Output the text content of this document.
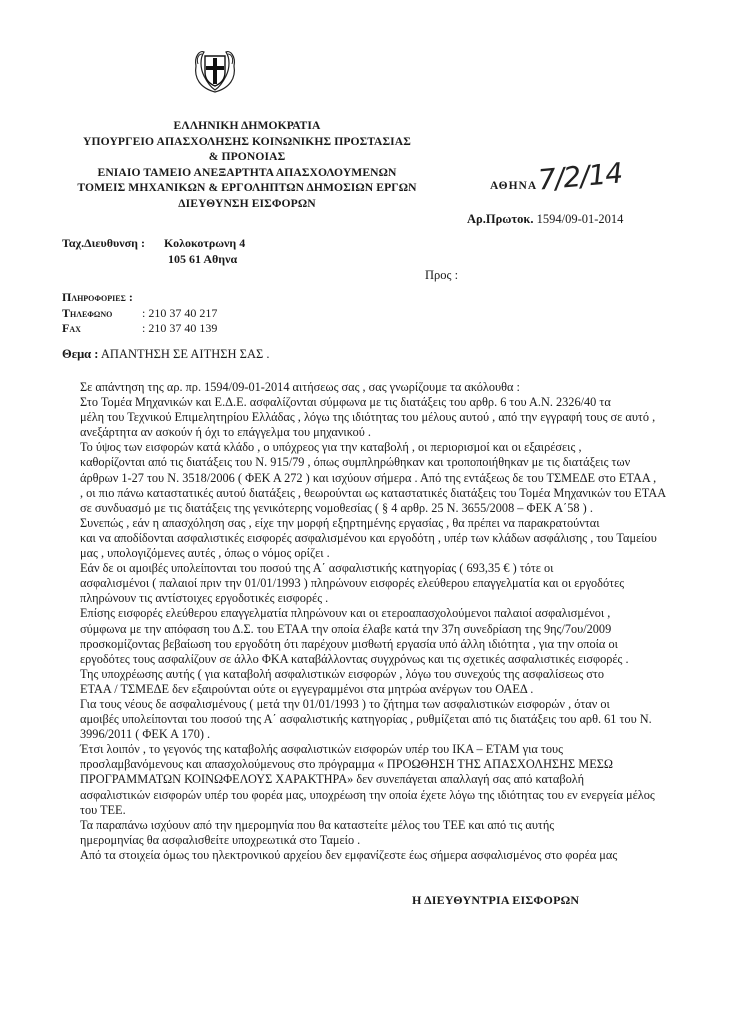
ΕΛΛΗΝΙΚΗ ΔΗΜΟΚΡΑΤΙΑ
ΥΠΟΥΡΓΕΙΟ ΑΠΑΣΧΟΛΗΣΗΣ ΚΟΙΝΩΝΙΚΗΣ ΠΡΟΣΤΑΣΙΑΣ
& ΠΡΟΝΟΙΑΣ
ΕΝΙΑΙΟ ΤΑΜΕΙΟ ΑΝΕΞΑΡΤΗΤΑ ΑΠΑΣΧΟΛΟΥΜΕΝΩΝ
ΤΟΜΕΙΣ ΜΗΧΑΝΙΚΩΝ & ΕΡΓΟΛΗΠΤΩΝ ΔΗΜΟΣΙΩΝ ΕΡΓΩΝ
ΔΙΕΥΘΥΝΣΗ ΕΙΣΦΟΡΩΝ
ΑΘΗΝΑ 7/2/14
Αρ.Πρωτοκ. 1594/09-01-2014
Ταχ.Διευθυνση : Κολοκοτρωνη 4
105 61 Αθηνα
Προς :
Πληροφοριες :
Τηλεφωνο : 210 37 40 217
Fax	: 210 37 40 139
Θεμα : ΑΠΑΝΤΗΣΗ ΣΕ ΑΙΤΗΣΗ ΣΑΣ .

Σε απάντηση της αρ. πρ. 1594/09-01-2014 αιτήσεως σας , σας γνωρίζουμε τα ακόλουθα :

Στο Τομέα Μηχανικών και Ε.Δ.Ε. ασφαλίζονται σύμφωνα με τις διατάξεις του αρθρ. 6 του Α.Ν. 2326/40 τα

μέλη του Τεχνικού Επιμελητηρίου Ελλάδας , λόγω της ιδιότητας του μέλους αυτού , από την εγγραφή τους σε αυτό ,

ανεξάρτητα αν ασκούν ή όχι το επάγγελμα του μηχανικού .

Το ύψος των εισφορών κατά κλάδο , ο υπόχρεος για την καταβολή , οι περιορισμοί και οι εξαιρέσεις ,

καθορίζονται από τις διατάξεις του Ν. 915/79 , όπως συμπληρώθηκαν και τροποποιήθηκαν με τις διατάξεις των

άρθρων 1-27 του Ν. 3518/2006 ( ΦΕΚ Α 272 ) και ισχύουν σήμερα . Από της εντάξεως δε του ΤΣΜΕΔΕ στο ΕΤΑΑ ,

, οι πιο πάνω καταστατικές αυτού διατάξεις , θεωρούνται ως καταστατικές διατάξεις του Τομέα Μηχανικών του ΕΤΑΑ

σε συνδυασμό με τις διατάξεις της γενικότερης νομοθεσίας ( § 4 αρθρ. 25 Ν. 3655/2008 – ΦΕΚ Α΄58 ) .

Συνεπώς , εάν η απασχόληση σας , είχε την μορφή εξηρτημένης εργασίας , θα πρέπει να παρακρατούνται

και να αποδίδονται ασφαλιστικές εισφορές ασφαλισμένου και εργοδότη , υπέρ των κλάδων ασφάλισης , του Ταμείου

μας , υπολογιζόμενες αυτές , όπως ο νόμος ορίζει .

Εάν δε οι αμοιβές υπολείπονται του ποσού της Α΄ ασφαλιστικής κατηγορίας ( 693,35 € ) τότε οι

ασφαλισμένοι ( παλαιοί πριν την 01/01/1993 ) πληρώνουν εισφορές ελεύθερου επαγγελματία και οι εργοδότες

πληρώνουν τις αντίστοιχες εργοδοτικές εισφορές .

Επίσης εισφορές ελεύθερου επαγγελματία πληρώνουν και οι ετεροαπασχολούμενοι παλαιοί ασφαλισμένοι ,

σύμφωνα με την απόφαση του Δ.Σ. του ΕΤΑΑ την οποία έλαβε κατά την 37η συνεδρίαση της 9ης/7ου/2009

προσκομίζοντας βεβαίωση του εργοδότη ότι παρέχουν μισθωτή εργασία υπό άλλη ιδιότητα , για την οποία οι

εργοδότες τους ασφαλίζουν σε άλλο ΦΚΑ καταβάλλοντας συγχρόνως και τις σχετικές ασφαλιστικές εισφορές .

Της υποχρέωσης αυτής ( για καταβολή ασφαλιστικών εισφορών , λόγω του συνεχούς της ασφαλίσεως στο

ΕΤΑΑ / ΤΣΜΕΔΕ δεν εξαιρούνται ούτε οι εγγεγραμμένοι στα μητρώα ανέργων του ΟΑΕΔ .

Για τους νέους δε ασφαλισμένους ( μετά την 01/01/1993 ) το ζήτημα των ασφαλιστικών εισφορών , όταν οι

αμοιβές υπολείπονται του ποσού της Α΄ ασφαλιστικής κατηγορίας , ρυθμίζεται από τις διατάξεις του αρθ. 61 του Ν.

3996/2011 ( ΦΕΚ Α 170) .

Έτσι λοιπόν , το γεγονός της καταβολής ασφαλιστικών εισφορών υπέρ του ΙΚΑ – ΕΤΑΜ για τους

προσλαμβανόμενους και απασχολούμενους στο πρόγραμμα « ΠΡΟΩΘΗΣΗ ΤΗΣ ΑΠΑΣΧΟΛΗΣΗΣ ΜΕΣΩ

ΠΡΟΓΡΑΜΜΑΤΩΝ ΚΟΙΝΩΦΕΛΟΥΣ ΧΑΡΑΚΤΗΡΑ» δεν συνεπάγεται απαλλαγή σας από καταβολή

ασφαλιστικών εισφορών υπέρ του φορέα μας, υποχρέωση την οποία έχετε λόγω της ιδιότητας του εν ενεργεία μέλος

του ΤΕΕ.

Τα παραπάνω ισχύουν από την ημερομηνία που θα καταστείτε μέλος του ΤΕΕ και από τις αυτής

ημερομηνίας θα ασφαλισθείτε υποχρεωτικά στο Ταμείο .

Από τα στοιχεία όμως του ηλεκτρονικού αρχείου δεν εμφανίζεστε έως σήμερα ασφαλισμένος στο φορέα μας

Η ΔΙΕΥΘΥΝΤΡΙΑ ΕΙΣΦΟΡΩΝ
